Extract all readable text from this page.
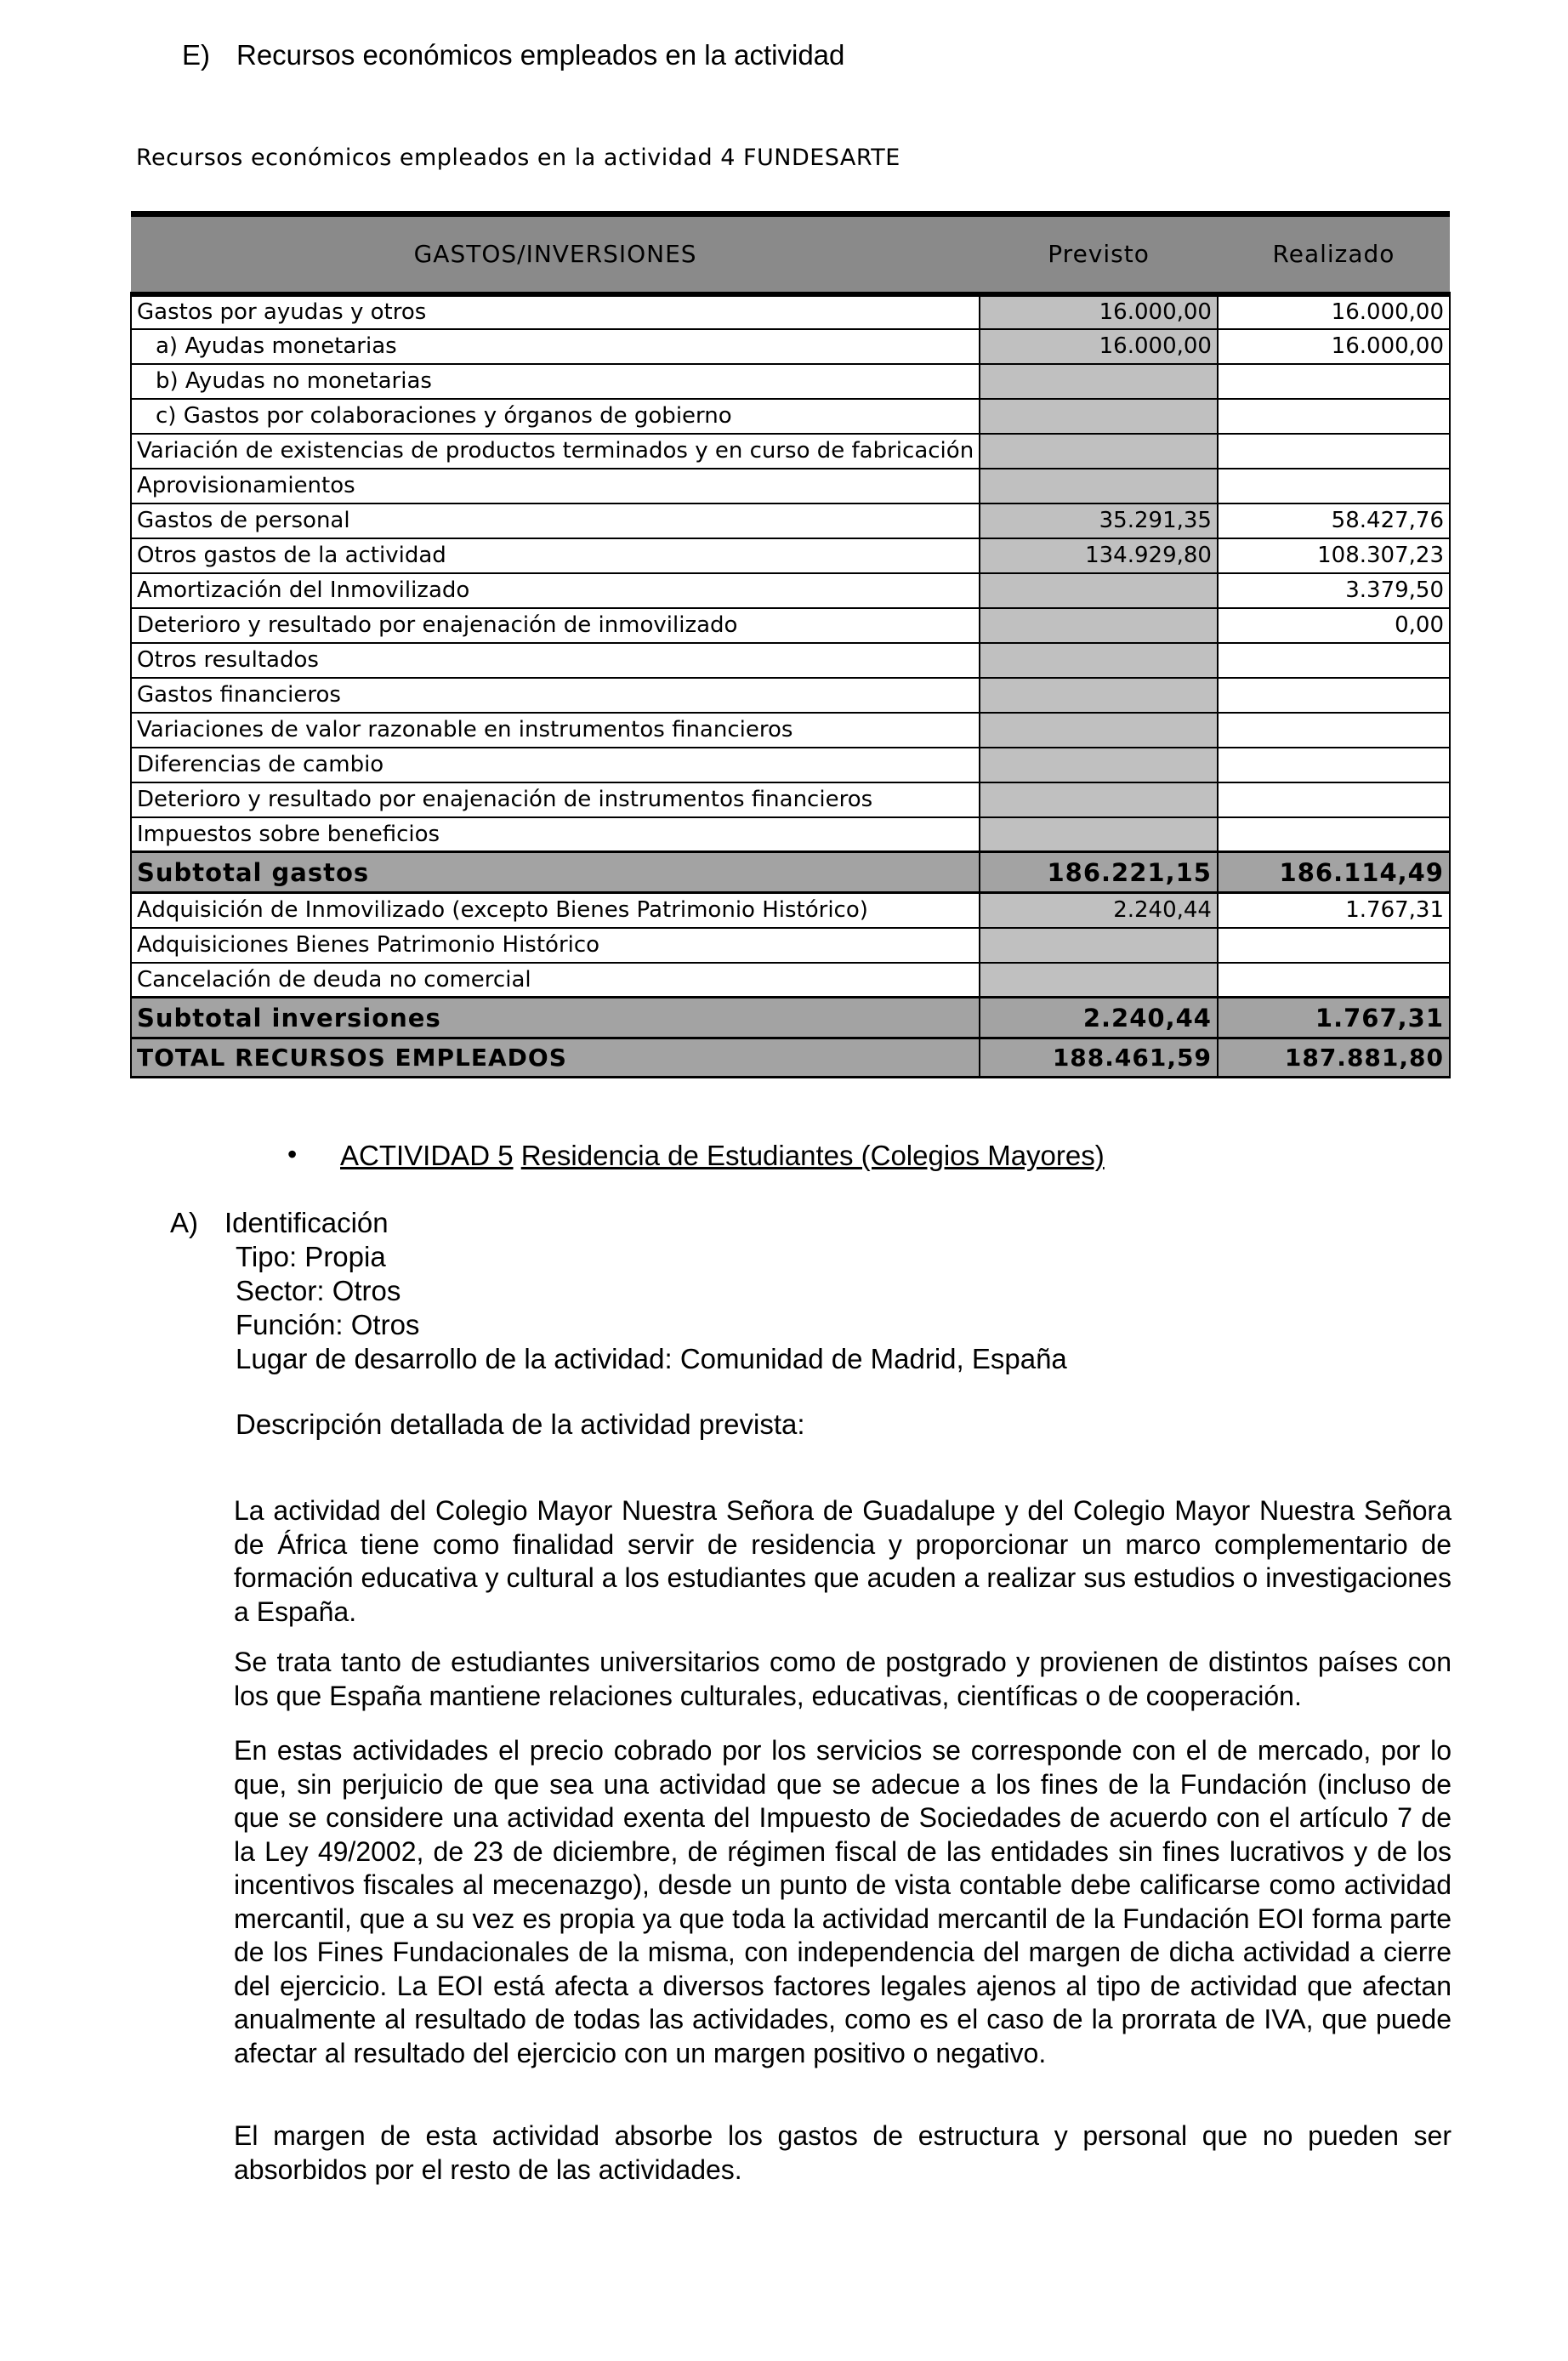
E) Recursos económicos empleados en la actividad
Recursos económicos empleados en la actividad 4 FUNDESARTE
GASTOS/INVERSIONES	Previsto	Realizado
Gastos por ayudas y otros	16.000,00	16.000,00
a) Ayudas monetarias	16.000,00	16.000,00
b) Ayudas no monetarias		
c) Gastos por colaboraciones y órganos de gobierno		
Variación de existencias de productos terminados y en curso de fabricación		
Aprovisionamientos		
Gastos de personal	35.291,35	58.427,76
Otros gastos de la actividad	134.929,80	108.307,23
Amortización del Inmovilizado		3.379,50
Deterioro y resultado por enajenación de inmovilizado		0,00
Otros resultados		
Gastos financieros		
Variaciones de valor razonable en instrumentos financieros		
Diferencias de cambio		
Deterioro y resultado por enajenación de instrumentos financieros		
Impuestos sobre beneficios		
Subtotal gastos	186.221,15	186.114,49
Adquisición de Inmovilizado (excepto Bienes Patrimonio Histórico)	2.240,44	1.767,31
Adquisiciones Bienes Patrimonio Histórico		
Cancelación de deuda no comercial		
Subtotal inversiones	2.240,44	1.767,31
TOTAL RECURSOS EMPLEADOS	188.461,59	187.881,80
• ACTIVIDAD 5 Residencia de Estudiantes (Colegios Mayores)
A) Identificación
Tipo: Propia
Sector: Otros
Función: Otros
Lugar de desarrollo de la actividad: Comunidad de Madrid, España
Descripción detallada de la actividad prevista:

La actividad del Colegio Mayor Nuestra Señora de Guadalupe y del Colegio Mayor Nuestra Señora de África tiene como finalidad servir de residencia y proporcionar un marco complementario de formación educativa y cultural a los estudiantes que acuden a realizar sus estudios o investigaciones a España.

Se trata tanto de estudiantes universitarios como de postgrado y provienen de distintos países con los que España mantiene relaciones culturales, educativas, científicas o de cooperación.

En estas actividades el precio cobrado por los servicios se corresponde con el de mercado, por lo que, sin perjuicio de que sea una actividad que se adecue a los fines de la Fundación (incluso de que se considere una actividad exenta del Impuesto de Sociedades de acuerdo con el artículo 7 de la Ley 49/2002, de 23 de diciembre, de régimen fiscal de las entidades sin fines lucrativos y de los incentivos fiscales al mecenazgo), desde un punto de vista contable debe calificarse como actividad mercantil, que a su vez es propia ya que toda la actividad mercantil de la Fundación EOI forma parte de los Fines Fundacionales de la misma, con independencia del margen de dicha actividad a cierre del ejercicio. La EOI está afecta a diversos factores legales ajenos al tipo de actividad que afectan anualmente al resultado de todas las actividades, como es el caso de la prorrata de IVA, que puede afectar al resultado del ejercicio con un margen positivo o negativo.

El margen de esta actividad absorbe los gastos de estructura y personal que no pueden ser absorbidos por el resto de las actividades.
